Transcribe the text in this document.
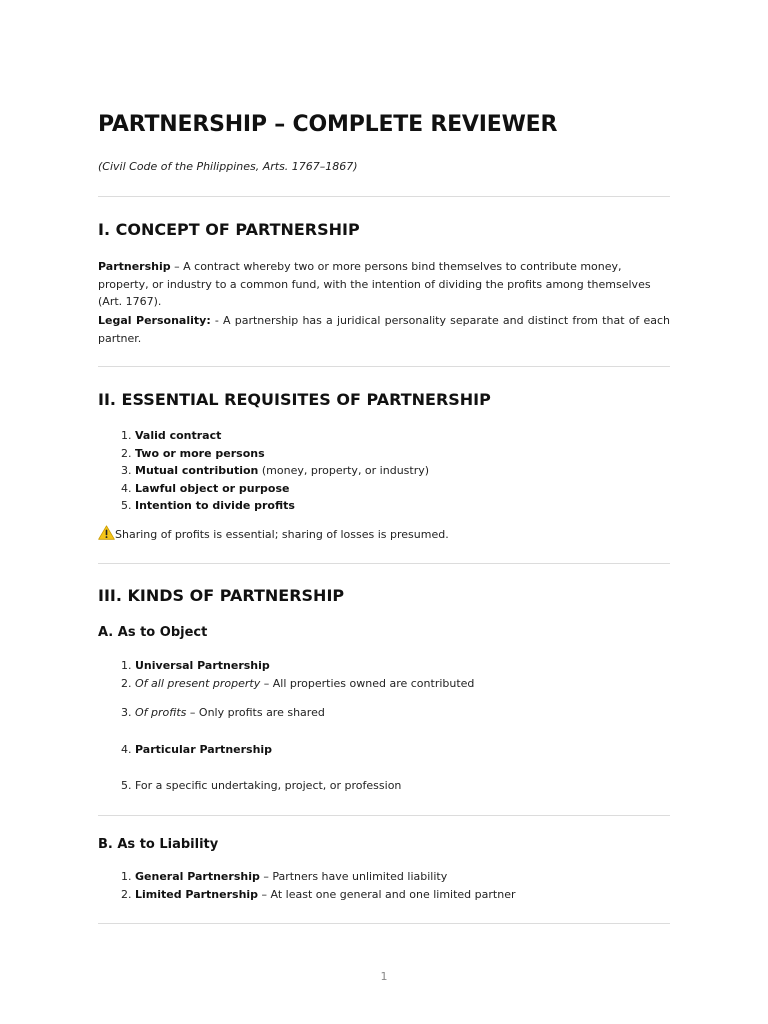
PARTNERSHIP – COMPLETE REVIEWER

(Civil Code of the Philippines, Arts. 1767–1867)

I. CONCEPT OF PARTNERSHIP

Partnership – A contract whereby two or more persons bind themselves to contribute money, property, or industry to a common fund, with the intention of dividing the profits among themselves (Art. 1767).

Legal Personality: - A partnership has a juridical personality separate and distinct from that of each partner.

II. ESSENTIAL REQUISITES OF PARTNERSHIP
1. Valid contract
2. Two or more persons
3. Mutual contribution (money, property, or industry)
4. Lawful object or purpose
5. Intention to divide profits

Sharing of profits is essential; sharing of losses is presumed.

III. KINDS OF PARTNERSHIP
A. As to Object

1. Universal Partnership

2. Of all present property – All properties owned are contributed

3. Of profits – Only profits are shared

4. Particular Partnership

5. For a specific undertaking, project, or profession

B. As to Liability
1. General Partnership – Partners have unlimited liability
2. Limited Partnership – At least one general and one limited partner
1
